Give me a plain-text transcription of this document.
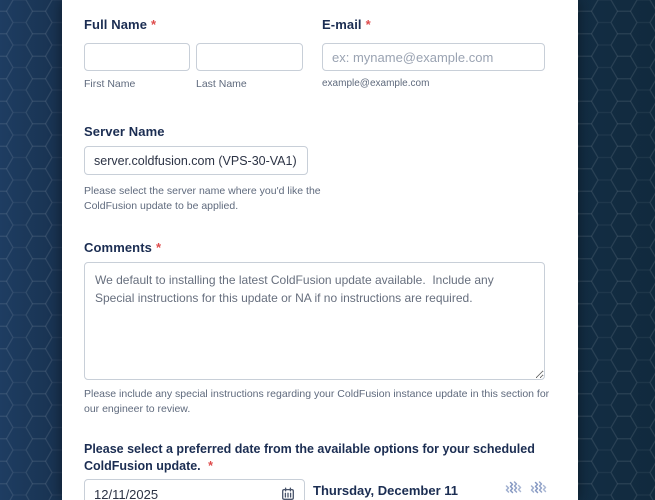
Full Name *
First Name	Last Name
E-mail *
ex: myname@example.com
example@example.com
Server Name
server.coldfusion.com (VPS-30-VA1)
Please select the server name where you'd like the ColdFusion update to be applied.
Comments *
We default to installing the latest ColdFusion update available. Include any Special instructions for this update or NA if no instructions are required.
Please include any special instructions regarding your ColdFusion instance update in this section for our engineer to review.
Please select a preferred date from the available options for your scheduled ColdFusion update. *
12/11/2025
Thursday, December 11
